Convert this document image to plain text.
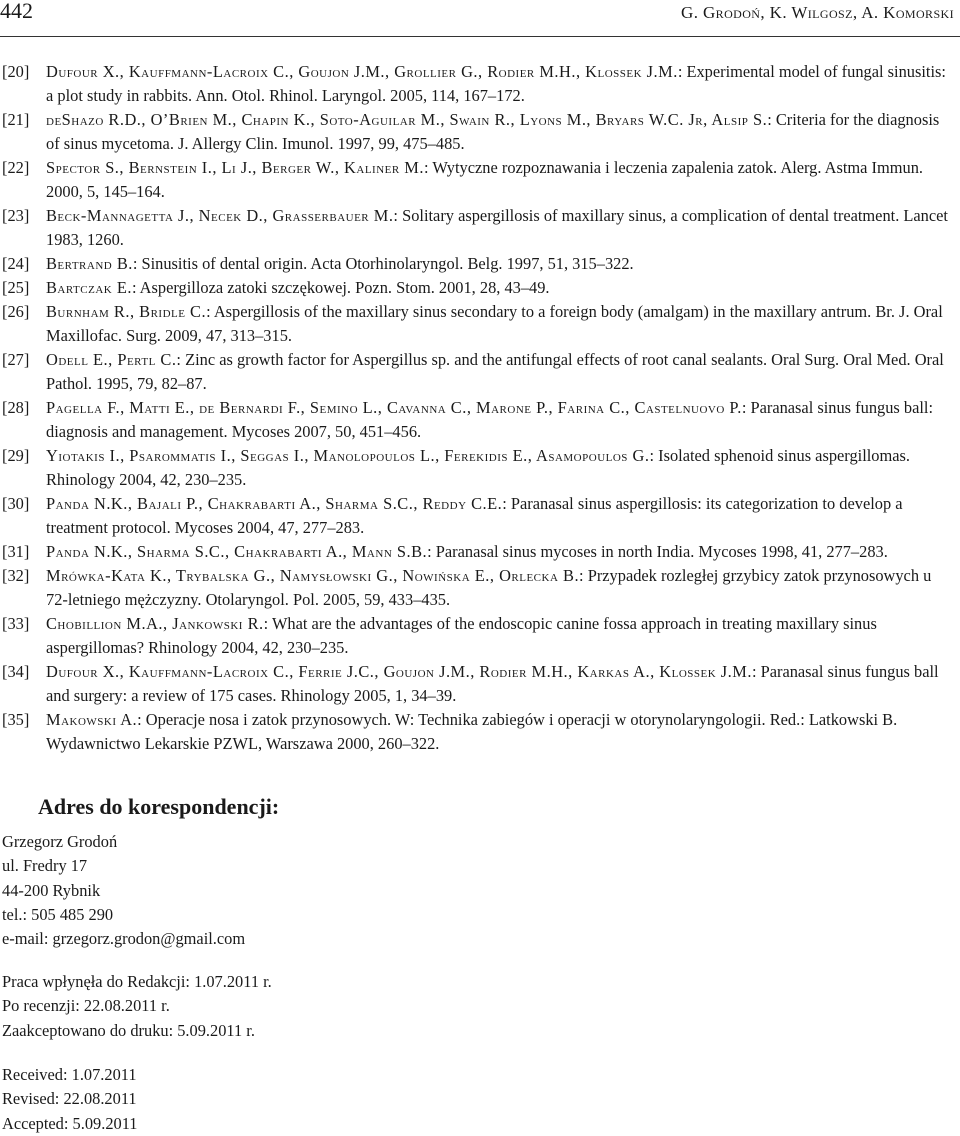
442	G. Grodoń, K. Wilgosz, A. Komorski
[20] Dufour X., Kauffmann-Lacroix C., Goujon J.M., Grollier G., Rodier M.H., Klossek J.M.: Experimental model of fungal sinusitis: a plot study in rabbits. Ann. Otol. Rhinol. Laryngol. 2005, 114, 167–172.
[21] deShazo R.D., O’Brien M., Chapin K., Soto-Aguilar M., Swain R., Lyons M., Bryars W.C. Jr, Alsip S.: Criteria for the diagnosis of sinus mycetoma. J. Allergy Clin. Imunol. 1997, 99, 475–485.
[22] Spector S., Bernstein I., Li J., Berger W., Kaliner M.: Wytyczne rozpoznawania i leczenia zapalenia zatok. Alerg. Astma Immun. 2000, 5, 145–164.
[23] Beck-Mannagetta J., Necek D., Grasserbauer M.: Solitary aspergillosis of maxillary sinus, a complication of dental treatment. Lancet 1983, 1260.
[24] Bertrand B.: Sinusitis of dental origin. Acta Otorhinolaryngol. Belg. 1997, 51, 315–322.
[25] Bartczak E.: Aspergilloza zatoki szczękowej. Pozn. Stom. 2001, 28, 43–49.
[26] Burnham R., Bridle C.: Aspergillosis of the maxillary sinus secondary to a foreign body (amalgam) in the maxillary antrum. Br. J. Oral Maxillofac. Surg. 2009, 47, 313–315.
[27] Odell E., Pertl C.: Zinc as growth factor for Aspergillus sp. and the antifungal effects of root canal sealants. Oral Surg. Oral Med. Oral Pathol. 1995, 79, 82–87.
[28] Pagella F., Matti E., de Bernardi F., Semino L., Cavanna C., Marone P., Farina C., Castelnuovo P.: Paranasal sinus fungus ball: diagnosis and management. Mycoses 2007, 50, 451–456.
[29] Yiotakis I., Psarommatis I., Seggas I., Manolopoulos L., Ferekidis E., Asamopoulos G.: Isolated sphenoid sinus aspergillomas. Rhinology 2004, 42, 230–235.
[30] Panda N.K., Bajali P., Chakrabarti A., Sharma S.C., Reddy C.E.: Paranasal sinus aspergillosis: its categorization to develop a treatment protocol. Mycoses 2004, 47, 277–283.
[31] Panda N.K., Sharma S.C., Chakrabarti A., Mann S.B.: Paranasal sinus mycoses in north India. Mycoses 1998, 41, 277–283.
[32] Mrówka-Kata K., Trybalska G., Namysłowski G., Nowińska E., Orlecka B.: Przypadek rozległej grzybicy zatok przynosowych u 72-letniego mężczyzny. Otolaryngol. Pol. 2005, 59, 433–435.
[33] Chobillion M.A., Jankowski R.: What are the advantages of the endoscopic canine fossa approach in treating maxillary sinus aspergillomas? Rhinology 2004, 42, 230–235.
[34] Dufour X., Kauffmann-Lacroix C., Ferrie J.C., Goujon J.M., Rodier M.H., Karkas A., Klossek J.M.: Paranasal sinus fungus ball and surgery: a review of 175 cases. Rhinology 2005, 1, 34–39.
[35] Makowski A.: Operacje nosa i zatok przynosowych. W: Technika zabiegów i operacji w otorynolaryngologii. Red.: Latkowski B. Wydawnictwo Lekarskie PZWL, Warszawa 2000, 260–322.
Adres do korespondencji:
Grzegorz Grodoń
ul. Fredry 17
44-200 Rybnik
tel.: 505 485 290
e-mail: grzegorz.grodon@gmail.com
Praca wpłynęła do Redakcji: 1.07.2011 r.
Po recenzji: 22.08.2011 r.
Zaakceptowano do druku: 5.09.2011 r.
Received: 1.07.2011
Revised: 22.08.2011
Accepted: 5.09.2011
